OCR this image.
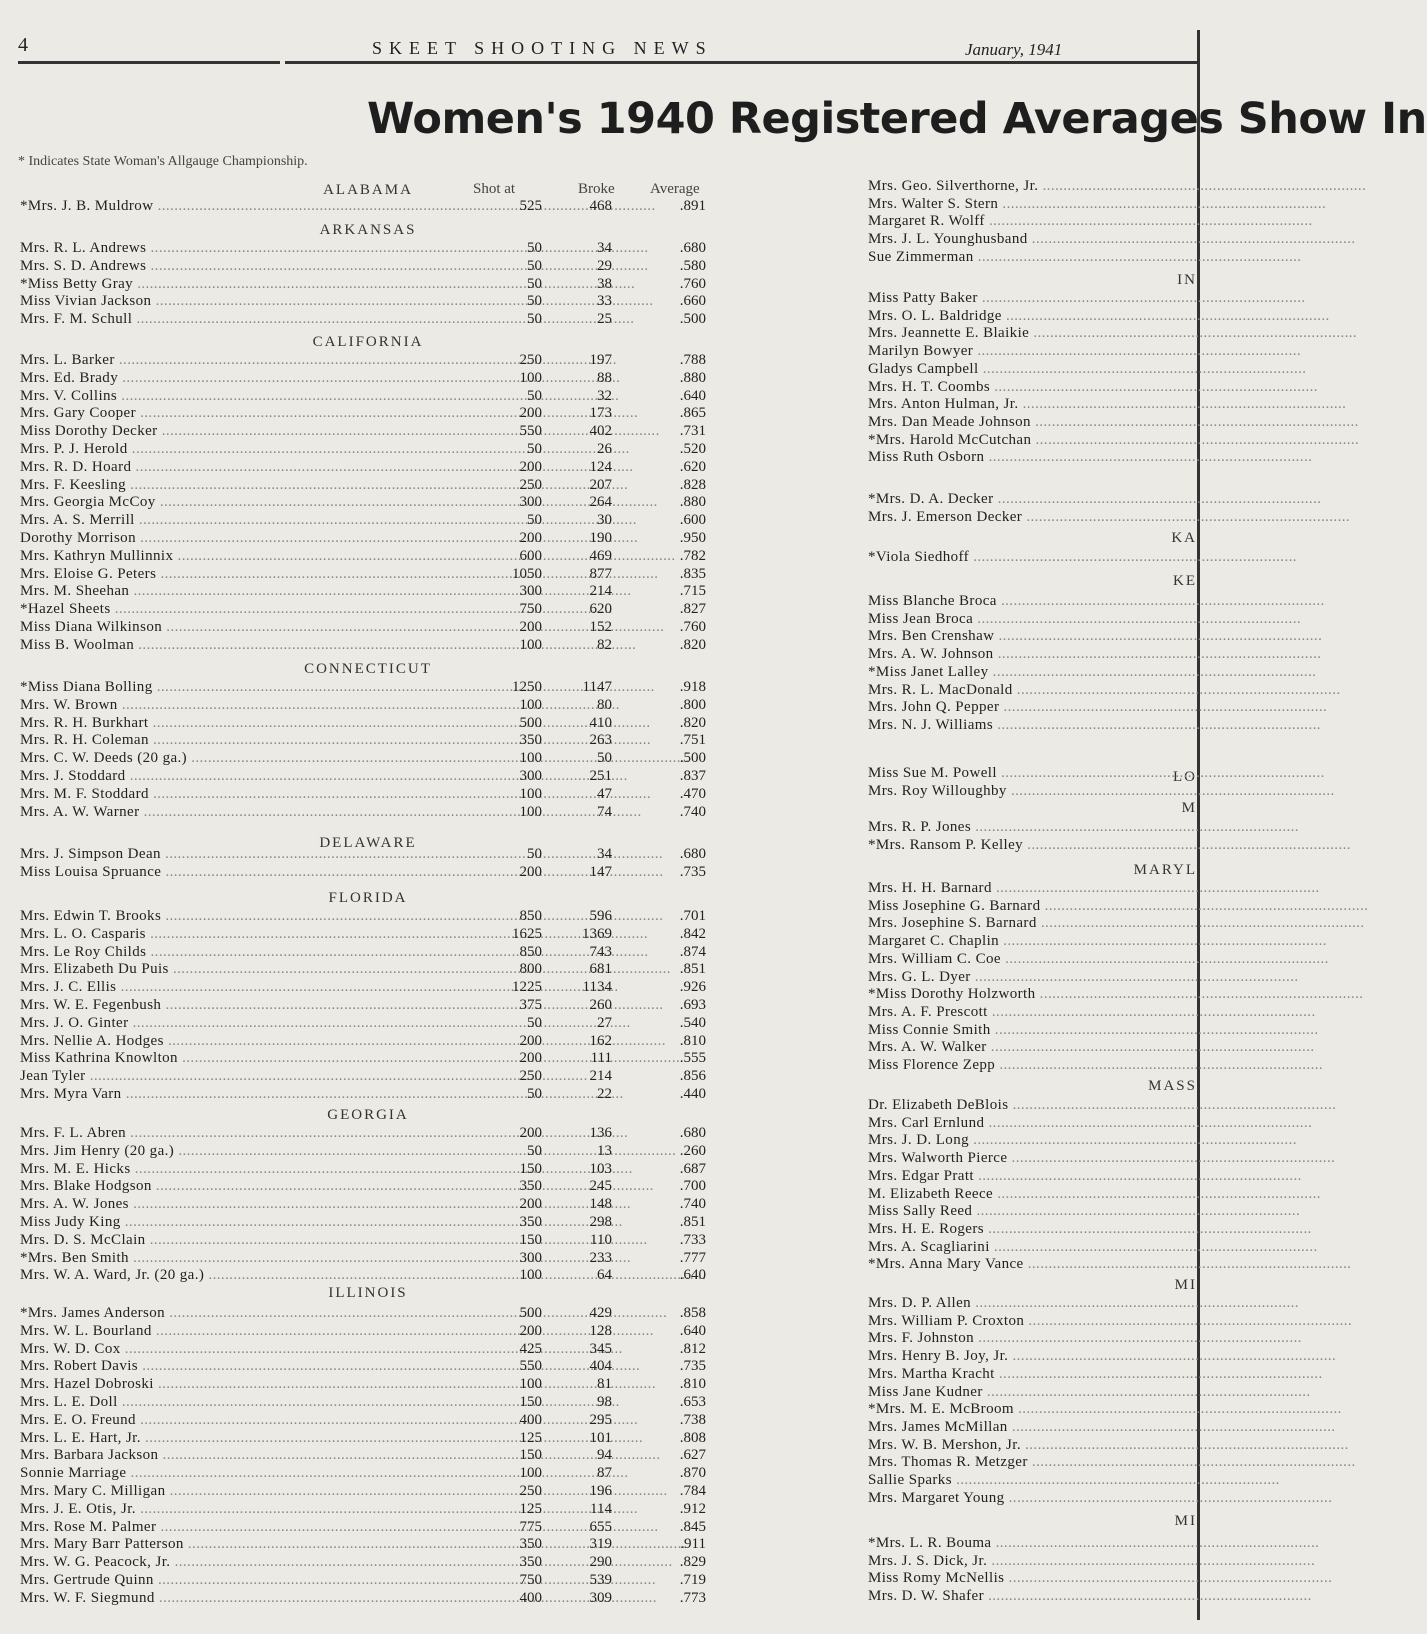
4	SKEET SHOOTING NEWS	January, 1941
Women's 1940 Registered Averages Show In
* Indicates State Woman's Allgauge Championship.
Shot at	Broke Average
ALABAMA
*Mrs. J. B. Muldrow .....	525	468	.891
ARKANSAS
Mrs. R. L. Andrews .....	50	34	.680
Mrs. S. D. Andrews .....	50	29	.580
*Miss Betty Gray .....	50	38	.760
Miss Vivian Jackson .....	50	33	.660
Mrs. F. M. Schull .....	50	25	.500
CALIFORNIA
Mrs. L. Barker .....	250	197	.788
Mrs. Ed. Brady .....	100	88	.880
Mrs. V. Collins .....	50	32	.640
Mrs. Gary Cooper .....	200	173	.865
Miss Dorothy Decker .....	550	402	.731
Mrs. P. J. Herold .....	50	26	.520
Mrs. R. D. Hoard .....	200	124	.620
Mrs. F. Keesling .....	250	207	.828
Mrs. Georgia McCoy .....	300	264	.880
Mrs. A. S. Merrill .....	50	30	.600
Dorothy Morrison .....	200	190	.950
Mrs. Kathryn Mullinnix .....	600	469	.782
Mrs. Eloise G. Peters .....	1050	877	.835
Mrs. M. Sheehan .....	300	214	.715
*Hazel Sheets .....	750	620	.827
Miss Diana Wilkinson .....	200	152	.760
Miss B. Woolman .....	100	82	.820
CONNECTICUT
*Miss Diana Bolling .....	1250	1147	.918
Mrs. W. Brown .....	100	80	.800
Mrs. R. H. Burkhart .....	500	410	.820
Mrs. R. H. Coleman .....	350	263	.751
Mrs. C. W. Deeds (20 ga.) .....	100	50	.500
Mrs. J. Stoddard .....	300	251	.837
Mrs. M. F. Stoddard .....	100	47	.470
Mrs. A. W. Warner .....	100	74	.740
DELAWARE
Mrs. J. Simpson Dean .....	50	34	.680
Miss Louisa Spruance .....	200	147	.735
FLORIDA
Mrs. Edwin T. Brooks .....	850	596	.701
Mrs. L. O. Casparis .....	1625	1369	.842
Mrs. Le Roy Childs .....	850	743	.874
Mrs. Elizabeth Du Puis .....	800	681	.851
Mrs. J. C. Ellis .....	1225	1134	.926
Mrs. W. E. Fegenbush .....	375	260	.693
Mrs. J. O. Ginter .....	50	27	.540
Mrs. Nellie A. Hodges .....	200	162	.810
Miss Kathrina Knowlton .....	200	111	.555
Jean Tyler .....	250	214	.856
Mrs. Myra Varn .....	50	22	.440
GEORGIA
Mrs. F. L. Abren .....	200	136	.680
Mrs. Jim Henry (20 ga.) .....	50	13	.260
Mrs. M. E. Hicks .....	150	103	.687
Mrs. Blake Hodgson .....	350	245	.700
Mrs. A. W. Jones .....	200	148	.740
Miss Judy King .....	350	298	.851
Mrs. D. S. McClain .....	150	110	.733
*Mrs. Ben Smith .....	300	233	.777
Mrs. W. A. Ward, Jr. (20 ga.) .....	100	64	.640
ILLINOIS
*Mrs. James Anderson .....	500	429	.858
Mrs. W. L. Bourland .....	200	128	.640
Mrs. W. D. Cox .....	425	345	.812
Mrs. Robert Davis .....	550	404	.735
Mrs. Hazel Dobroski .....	100	81	.810
Mrs. L. E. Doll .....	150	98	.653
Mrs. E. O. Freund .....	400	295	.738
Mrs. L. E. Hart, Jr. .....	125	101	.808
Mrs. Barbara Jackson .....	150	94	.627
Sonnie Marriage .....	100	87	.870
Mrs. Mary C. Milligan .....	250	196	.784
Mrs. J. E. Otis, Jr. .....	125	114	.912
Mrs. Rose M. Palmer .....	775	655	.845
Mrs. Mary Barr Patterson .....	350	319	.911
Mrs. W. G. Peacock, Jr. .....	350	290	.829
Mrs. Gertrude Quinn .....	750	539	.719
Mrs. W. F. Siegmund .....	400	309	.773
Mrs. Geo. Silverthorne, Jr. .....
Mrs. Walter S. Stern .....
Margaret R. Wolff .....
Mrs. J. L. Younghusband .....
Sue Zimmerman .....
IN
Miss Patty Baker .....
Mrs. O. L. Baldridge .....
Mrs. Jeannette E. Blaikie .....
Marilyn Bowyer .....
Gladys Campbell .....
Mrs. H. T. Coombs .....
Mrs. Anton Hulman, Jr. .....
Mrs. Dan Meade Johnson .....
*Mrs. Harold McCutchan .....
Miss Ruth Osborn .....
*Mrs. D. A. Decker .....
Mrs. J. Emerson Decker .....
KA
*Viola Siedhoff .....
KE
Miss Blanche Broca .....
Miss Jean Broca .....
Mrs. Ben Crenshaw .....
Mrs. A. W. Johnson .....
*Miss Janet Lalley .....
Mrs. R. L. MacDonald .....
Mrs. John Q. Pepper .....
Mrs. N. J. Williams .....
LO
Miss Sue M. Powell .....
Mrs. Roy Willoughby .....
M
Mrs. R. P. Jones .....
*Mrs. Ransom P. Kelley .....
MARYL
Mrs. H. H. Barnard .....
Miss Josephine G. Barnard .....
Mrs. Josephine S. Barnard .....
Margaret C. Chaplin .....
Mrs. William C. Coe .....
Mrs. G. L. Dyer .....
*Miss Dorothy Holzworth .....
Mrs. A. F. Prescott .....
Miss Connie Smith .....
Mrs. A. W. Walker .....
Miss Florence Zepp .....
MASS
Dr. Elizabeth DeBlois .....
Mrs. Carl Ernlund .....
Mrs. J. D. Long .....
Mrs. Walworth Pierce .....
Mrs. Edgar Pratt .....
M. Elizabeth Reece .....
Miss Sally Reed .....
Mrs. H. E. Rogers .....
Mrs. A. Scagliarini .....
*Mrs. Anna Mary Vance .....
MI
Mrs. D. P. Allen .....
Mrs. William P. Croxton .....
Mrs. F. Johnston .....
Mrs. Henry B. Joy, Jr. .....
Mrs. Martha Kracht .....
Miss Jane Kudner .....
*Mrs. M. E. McBroom .....
Mrs. James McMillan .....
Mrs. W. B. Mershon, Jr. .....
Mrs. Thomas R. Metzger .....
Sallie Sparks .....
Mrs. Margaret Young .....
MI
*Mrs. L. R. Bouma .....
Mrs. J. S. Dick, Jr. .....
Miss Romy McNellis .....
Mrs. D. W. Shafer .....
